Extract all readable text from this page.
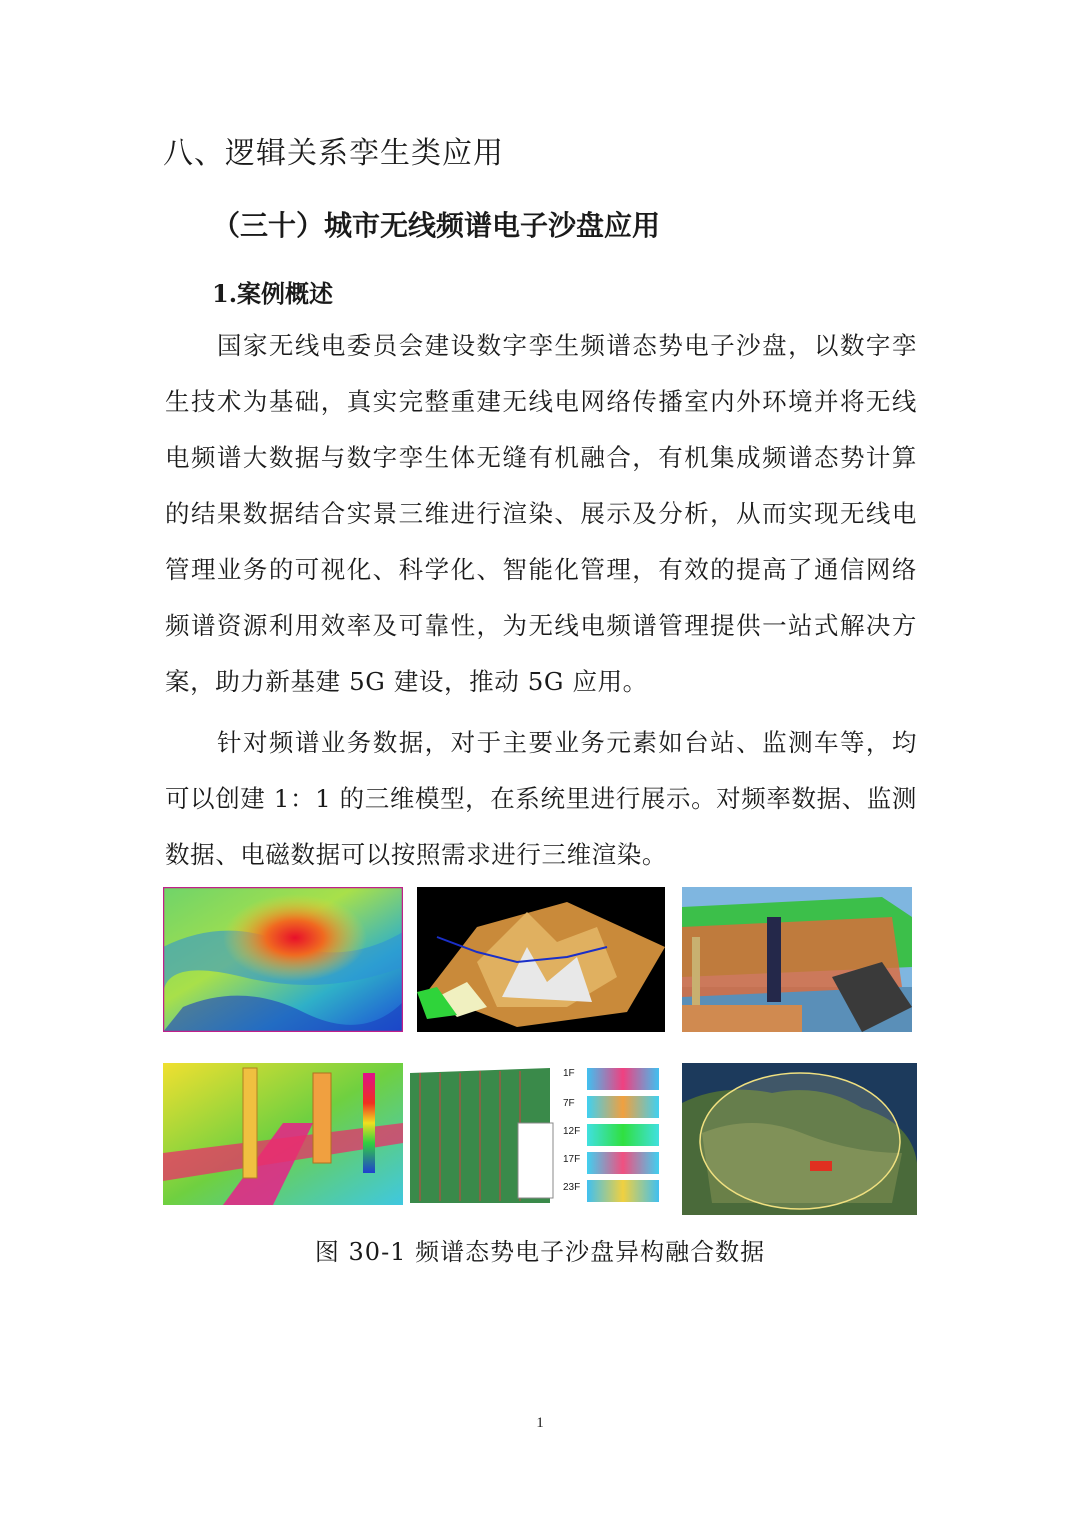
八、逻辑关系孪生类应用
（三十）城市无线频谱电子沙盘应用
1.案例概述

国家无线电委员会建设数字孪生频谱态势电子沙盘，以数字孪生技术为基础，真实完整重建无线电网络传播室内外环境并将无线电频谱大数据与数字孪生体无缝有机融合，有机集成频谱态势计算的结果数据结合实景三维进行渲染、展示及分析，从而实现无线电管理业务的可视化、科学化、智能化管理，有效的提高了通信网络频谱资源利用效率及可靠性，为无线电频谱管理提供一站式解决方案，助力新基建 5G 建设，推动 5G 应用。

针对频谱业务数据，对于主要业务元素如台站、监测车等，均可以创建 1：1 的三维模型，在系统里进行展示。对频率数据、监测数据、电磁数据可以按照需求进行三维渲染。

1F
7F
12F
17F
23F
图 30-1 频谱态势电子沙盘异构融合数据
1
